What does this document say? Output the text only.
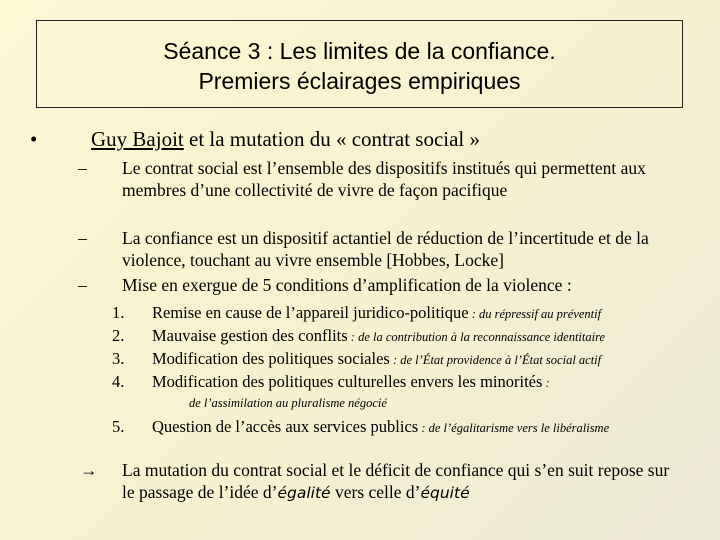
Séance 3 : Les limites de la confiance.
Premiers éclairages empiriques
•	Guy Bajoit et la mutation du « contrat social »
– Le contrat social est l’ensemble des dispositifs institués qui permettent aux membres d’une collectivité de vivre de façon pacifique
– La confiance est un dispositif actantiel de réduction de l’incertitude et de la violence, touchant au vivre ensemble [Hobbes, Locke]
– Mise en exergue de 5 conditions d’amplification de la violence :
1. Remise en cause de l’appareil juridico-politique : du répressif au préventif
2. Mauvaise gestion des conflits : de la contribution à la reconnaissance identitaire
3. Modification des politiques sociales : de l’État providence à l’État social actif
4. Modification des politiques culturelles envers les minorités :
de l’assimilation au pluralisme négocié
5. Question de l’accès aux services publics : de l’égalitarisme vers le libéralisme
→ La mutation du contrat social et le déficit de confiance qui s’en suit repose sur le passage de l’idée d’égalité vers celle d’équité
